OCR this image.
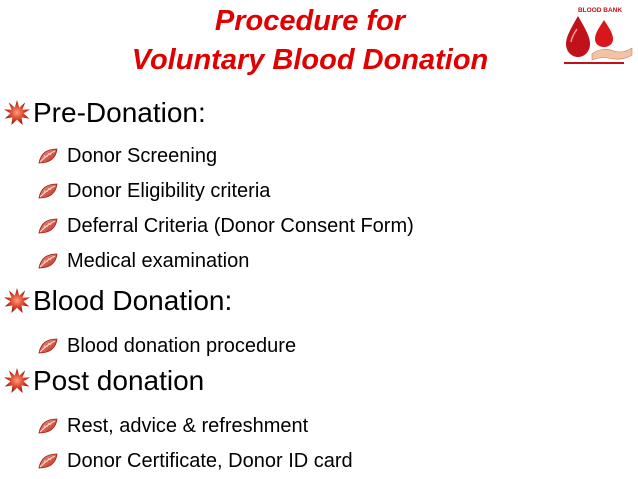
Procedure for
Voluntary Blood Donation
BLOOD BANK
Pre-Donation:
Donor Screening
Donor Eligibility criteria
Deferral Criteria (Donor Consent Form)
Medical examination
Blood Donation:
Blood donation procedure
Post donation
Rest, advice & refreshment
Donor Certificate, Donor ID card
